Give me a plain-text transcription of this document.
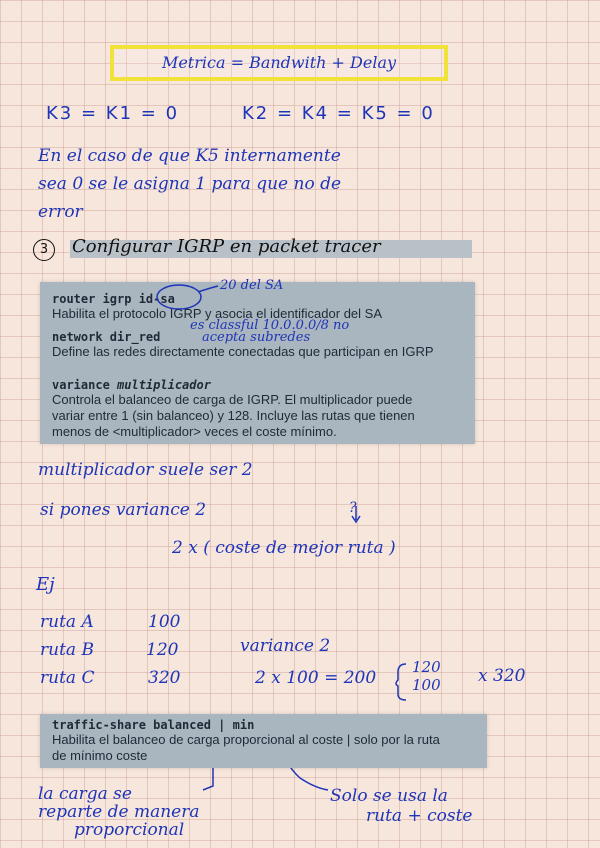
Metrica = Bandwith + Delay
K3 = K1 = 0	K2 = K4 = K5 = 0
En el caso de que K5 internamente
sea 0 se le asigna 1 para que no de
error
3	Configurar IGRP en packet tracer
router igrp id-sa
Habilita el protocolo IGRP y asocia el identificador del SA
network dir_red
Define las redes directamente conectadas que participan en IGRP
variance multiplicador
Controla el balanceo de carga de IGRP. El multiplicador puede
variar entre 1 (sin balanceo) y 128. Incluye las rutas que tienen
menos de <multiplicador> veces el coste mínimo.
20 del SA
es classful 10.0.0.0/8 no
acepta subredes
multiplicador suele ser 2
si pones variance 2	?
2 x ( coste de mejor ruta )
Ej
ruta A	100
ruta B	120
ruta C	320
variance 2
2 x 100 = 200
120
100 x 320
traffic-share balanced | min
Habilita el balanceo de carga proporcional al coste | solo por la ruta
de mínimo coste
la carga se
reparte de manera
proporcional
Solo se usa la
ruta + coste
